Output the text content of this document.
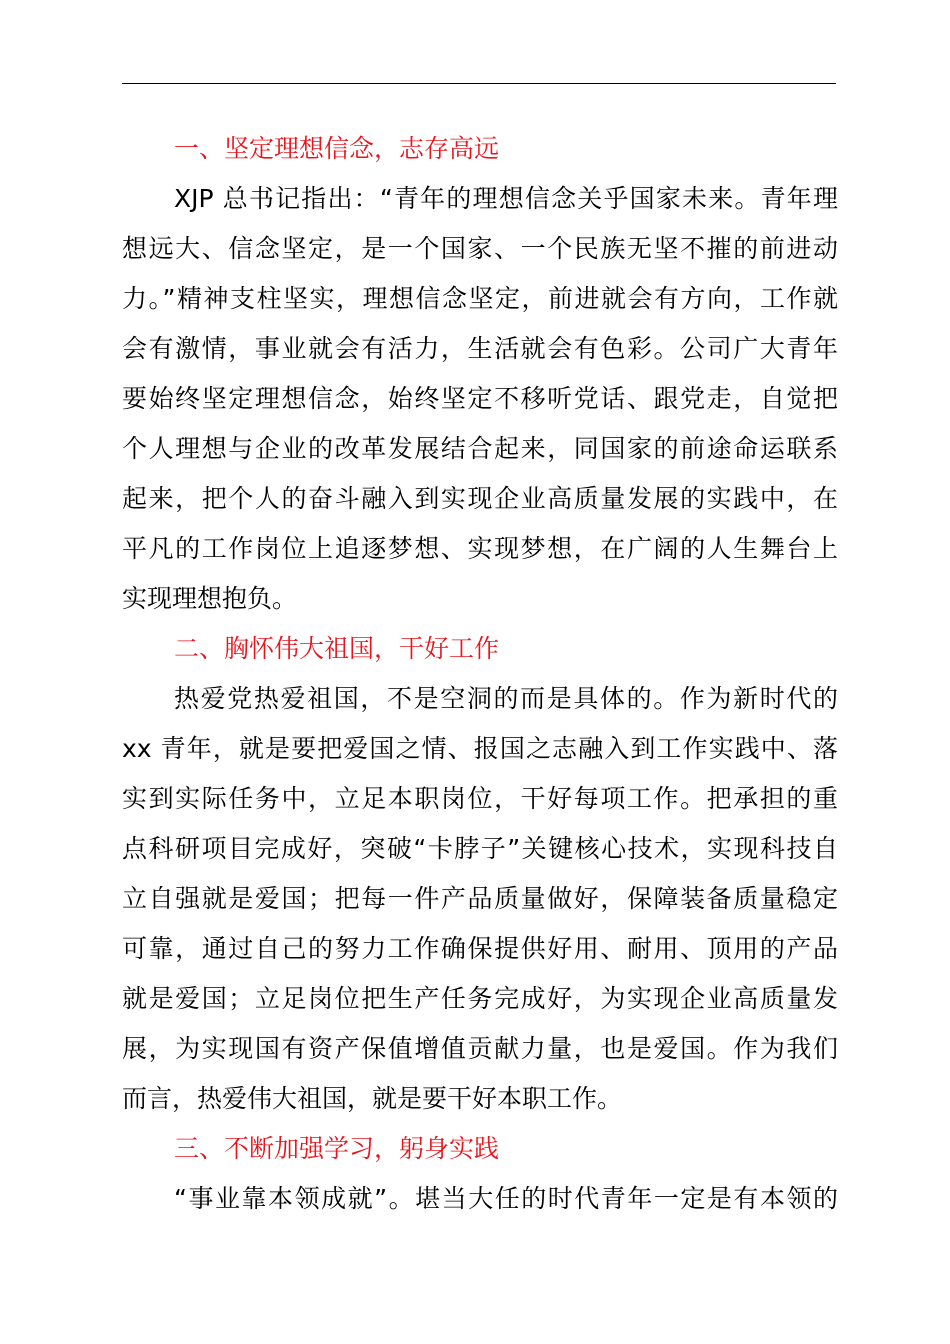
一、坚定理想信念，志存高远
XJP 总书记指出：“青年的理想信念关乎国家未来。青年理
想远大、信念坚定，是一个国家、一个民族无坚不摧的前进动
力。”精神支柱坚实，理想信念坚定，前进就会有方向，工作就
会有激情，事业就会有活力，生活就会有色彩。公司广大青年
要始终坚定理想信念，始终坚定不移听党话、跟党走，自觉把
个人理想与企业的改革发展结合起来，同国家的前途命运联系
起来，把个人的奋斗融入到实现企业高质量发展的实践中，在
平凡的工作岗位上追逐梦想、实现梦想，在广阔的人生舞台上
实现理想抱负。
二、胸怀伟大祖国，干好工作
热爱党热爱祖国，不是空洞的而是具体的。作为新时代的
xx 青年，就是要把爱国之情、报国之志融入到工作实践中、落
实到实际任务中，立足本职岗位，干好每项工作。把承担的重
点科研项目完成好，突破“卡脖子”关键核心技术，实现科技自
立自强就是爱国；把每一件产品质量做好，保障装备质量稳定
可靠，通过自己的努力工作确保提供好用、耐用、顶用的产品
就是爱国；立足岗位把生产任务完成好，为实现企业高质量发
展，为实现国有资产保值增值贡献力量，也是爱国。作为我们
而言，热爱伟大祖国，就是要干好本职工作。
三、不断加强学习，躬身实践
“事业靠本领成就”。堪当大任的时代青年一定是有本领的
